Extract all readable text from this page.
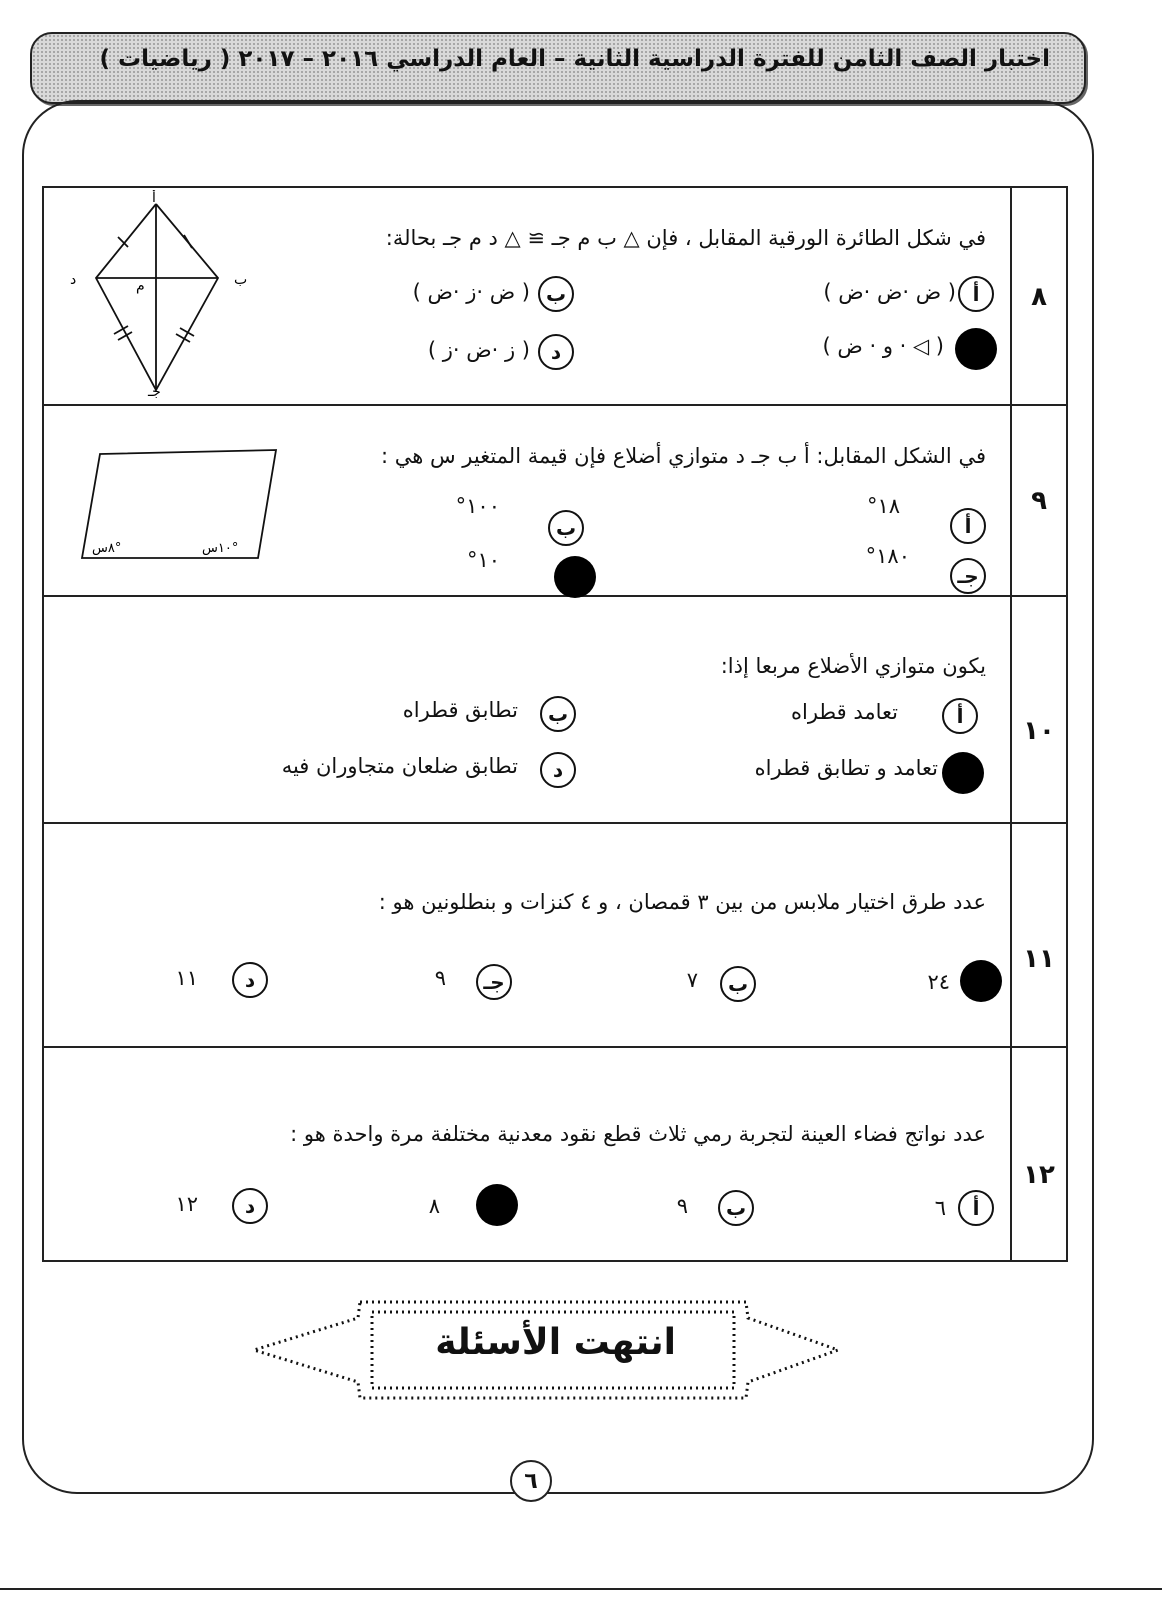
اختبار الصف الثامن للفترة الدراسية الثانية – العام الدراسي ٢٠١٦ – ٢٠١٧ ( رياضيات )
٨
في شكل الطائرة الورقية المقابل ، فإن △ ب م جـ ≅ △ د م جـ بحالة:
أ
( ض ·ض ·ض )
ب
( ض ·ز ·ض )
( ◁ · و · ض )
د
( ز ·ض ·ز )
أ
د	ب
جـ
م
٩
في الشكل المقابل: أ ب جـ د متوازي أضلاع فإن قيمة المتغير س هي :
أ
١٨°
ب
١٠٠°
جـ
١٨٠°
١٠°
٨س°	١٠س°
١٠
يكون متوازي الأضلاع مربعا إذا:
أ
تعامد قطراه
ب
تطابق قطراه
تعامد و تطابق قطراه
د
تطابق ضلعان متجاوران فيه
١١
عدد طرق اختيار ملابس من بين ٣ قمصان ، و ٤ كنزات و بنطلونين هو :
٢٤
ب
٧
جـ
٩
د
١١
١٢
عدد نواتج فضاء العينة لتجربة رمي ثلاث قطع نقود معدنية مختلفة مرة واحدة هو :
أ
٦
ب
٩
٨
د
١٢
انتهت الأسئلة
٦
